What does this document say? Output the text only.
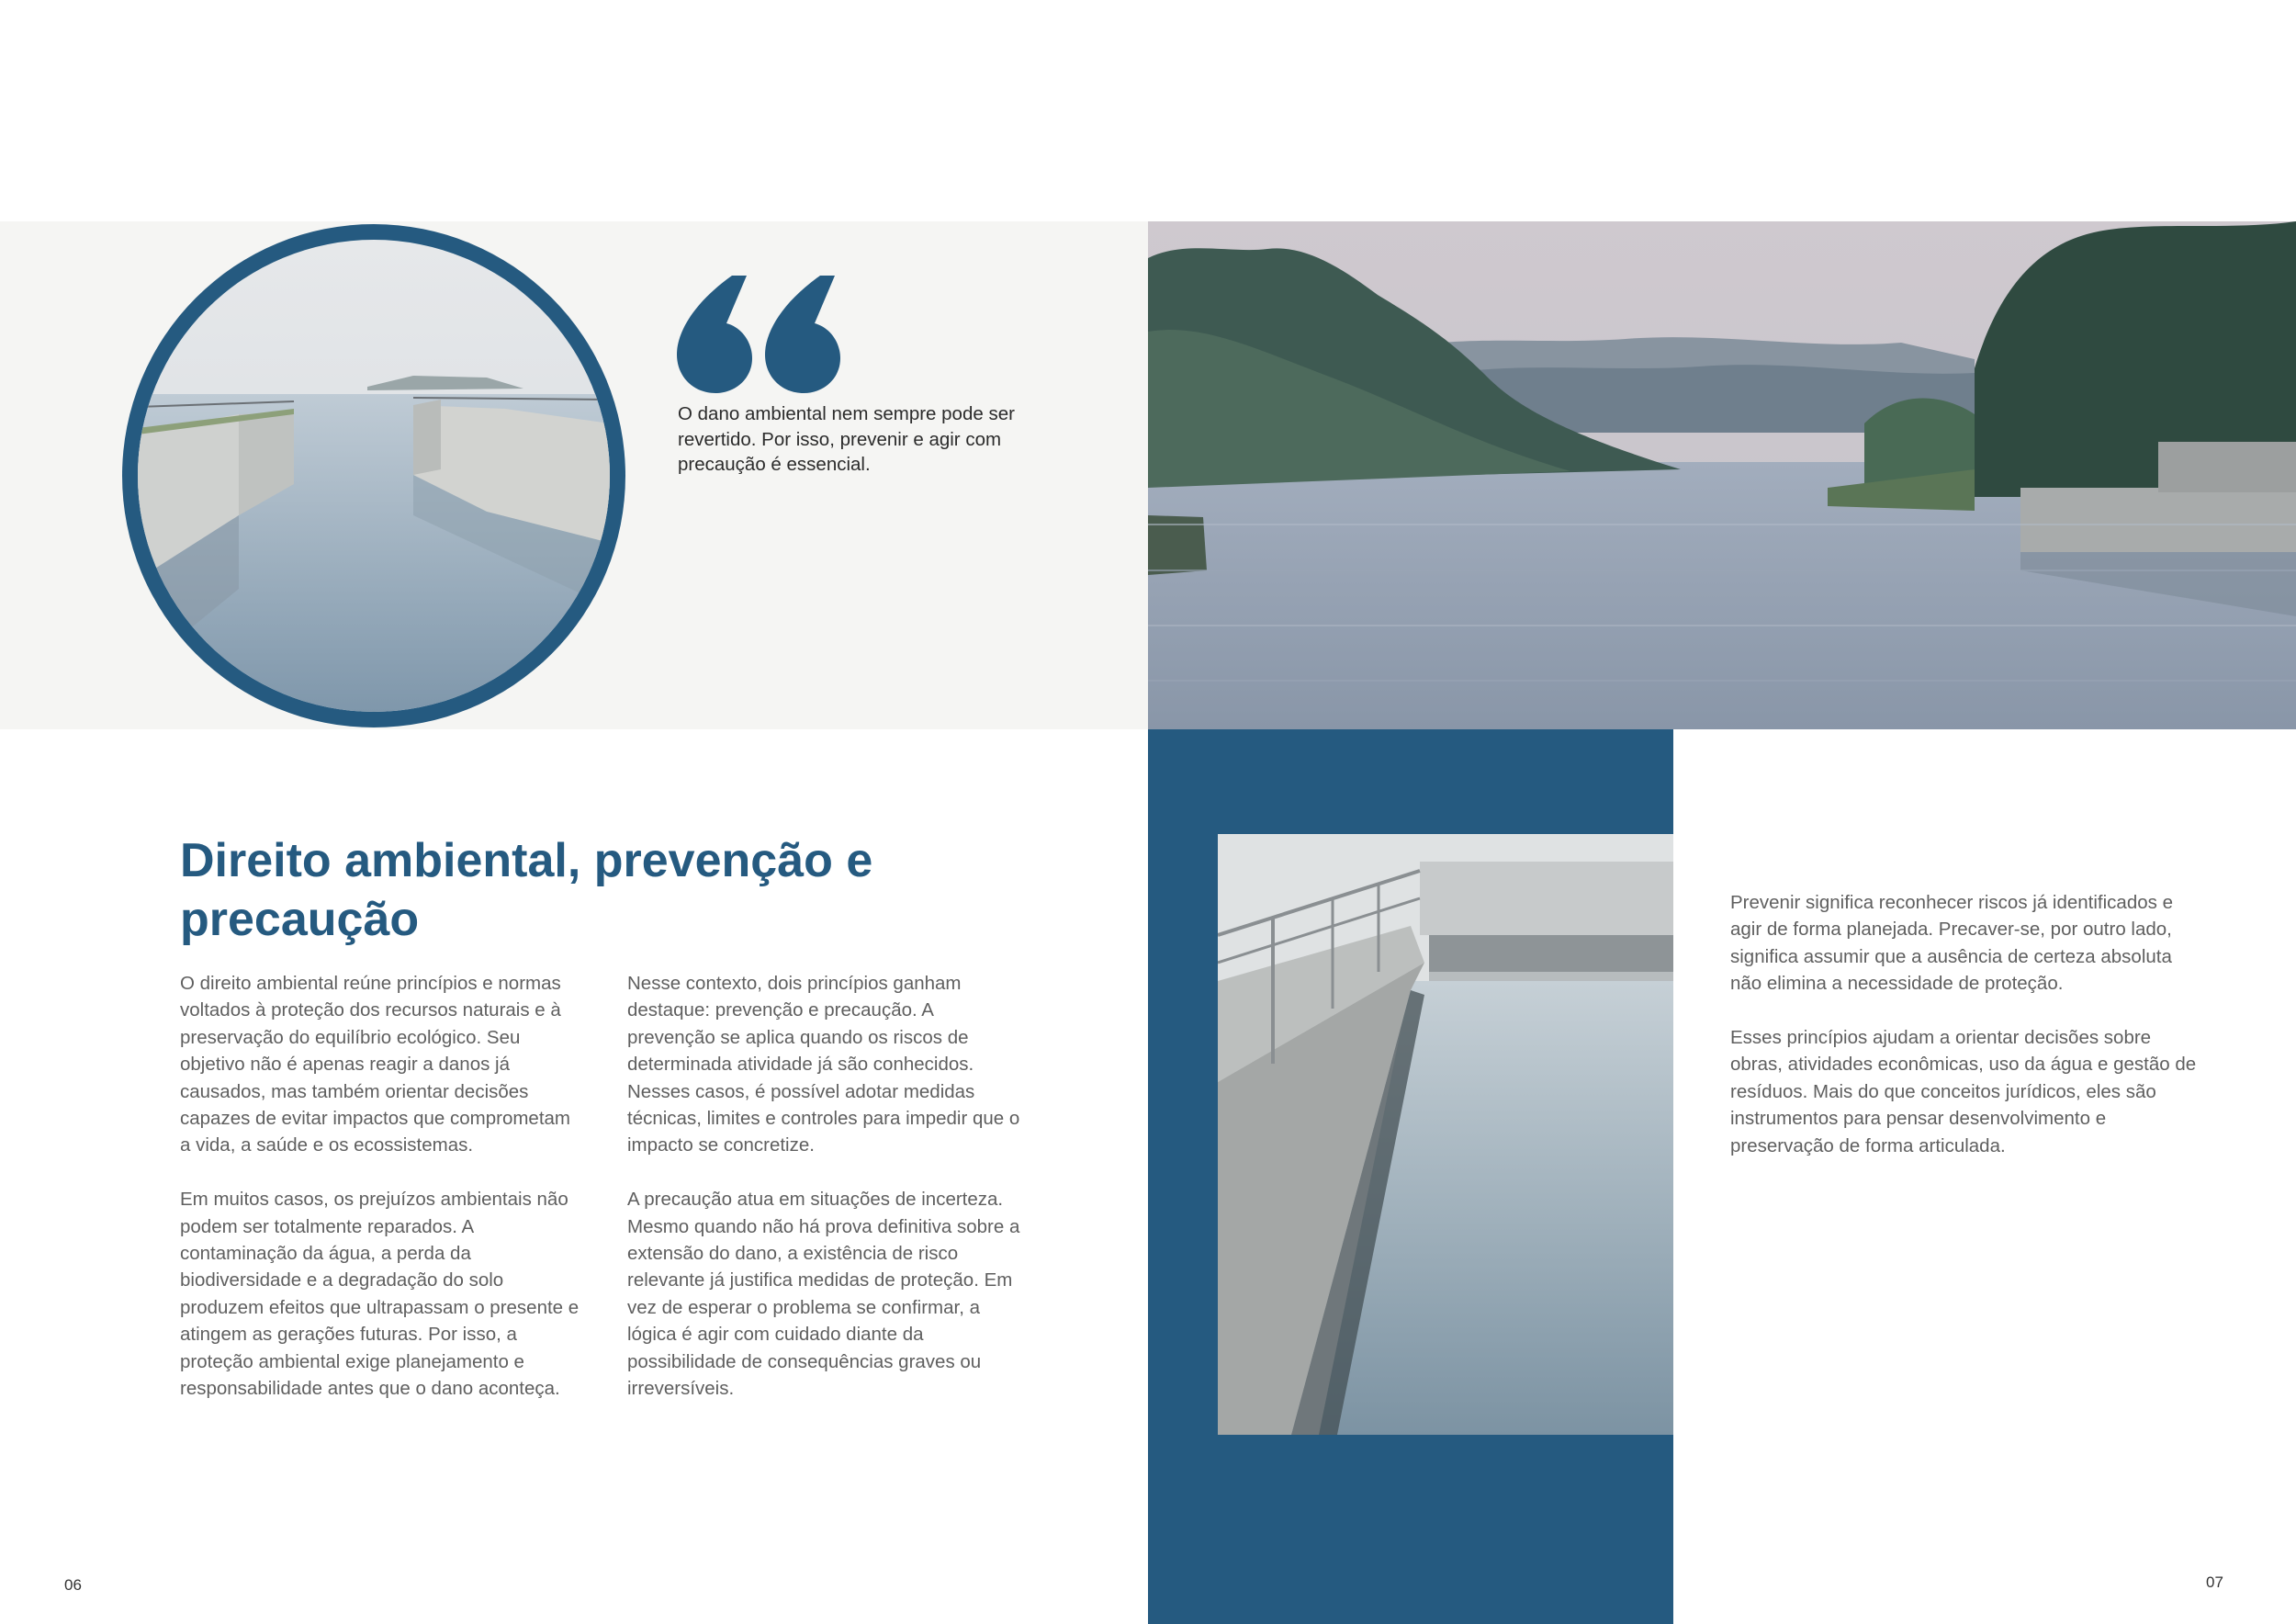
O dano ambiental nem sempre pode ser revertido. Por isso, prevenir e agir com precaução é essencial.
Direito ambiental, prevenção e precaução

O direito ambiental reúne princípios e normas voltados à proteção dos recursos naturais e à preservação do equilíbrio ecológico. Seu objetivo não é apenas reagir a danos já causados, mas também orientar decisões capazes de evitar impactos que comprometam a vida, a saúde e os ecossistemas.

Em muitos casos, os prejuízos ambientais não podem ser totalmente reparados. A contaminação da água, a perda da biodiversidade e a degradação do solo produzem efeitos que ultrapassam o presente e atingem as gerações futuras. Por isso, a proteção ambiental exige planejamento e responsabilidade antes que o dano aconteça.

Nesse contexto, dois princípios ganham destaque: prevenção e precaução. A prevenção se aplica quando os riscos de determinada atividade já são conhecidos. Nesses casos, é possível adotar medidas técnicas, limites e controles para impedir que o impacto se concretize.

A precaução atua em situações de incerteza. Mesmo quando não há prova definitiva sobre a extensão do dano, a existência de risco relevante já justifica medidas de proteção. Em vez de esperar o problema se confirmar, a lógica é agir com cuidado diante da possibilidade de consequências graves ou irreversíveis.

Prevenir significa reconhecer riscos já identificados e agir de forma planejada. Precaver-se, por outro lado, significa assumir que a ausência de certeza absoluta não elimina a necessidade de proteção.

Esses princípios ajudam a orientar decisões sobre obras, atividades econômicas, uso da água e gestão de resíduos. Mais do que conceitos jurídicos, eles são instrumentos para pensar desenvolvimento e preservação de forma articulada.

06	07
